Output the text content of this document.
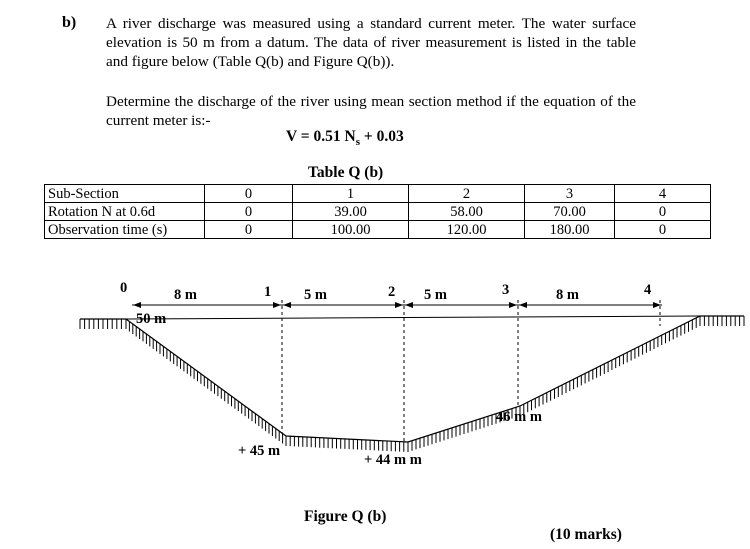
b) A river discharge was measured using a standard current meter. The water surface elevation is 50 m from a datum. The data of river measurement is listed in the table and figure below (Table Q(b) and Figure Q(b)).
Determine the discharge of the river using mean section method if the equation of the current meter is:-
V = 0.51 $N_s + 0.03$
Table Q (b)
Sub-Section	0	1	2	3	4
Rotation N at 0.6d	0	39.00	58.00	70.00	0
Observation time (s)	0	100.00	120.00	180.00	0
0	1	2	3	4
8 m	5 m	5 m	8 m
50 m
+ 45 m
+ 44 m m
46 m m
Figure Q (b)
(10 marks)
